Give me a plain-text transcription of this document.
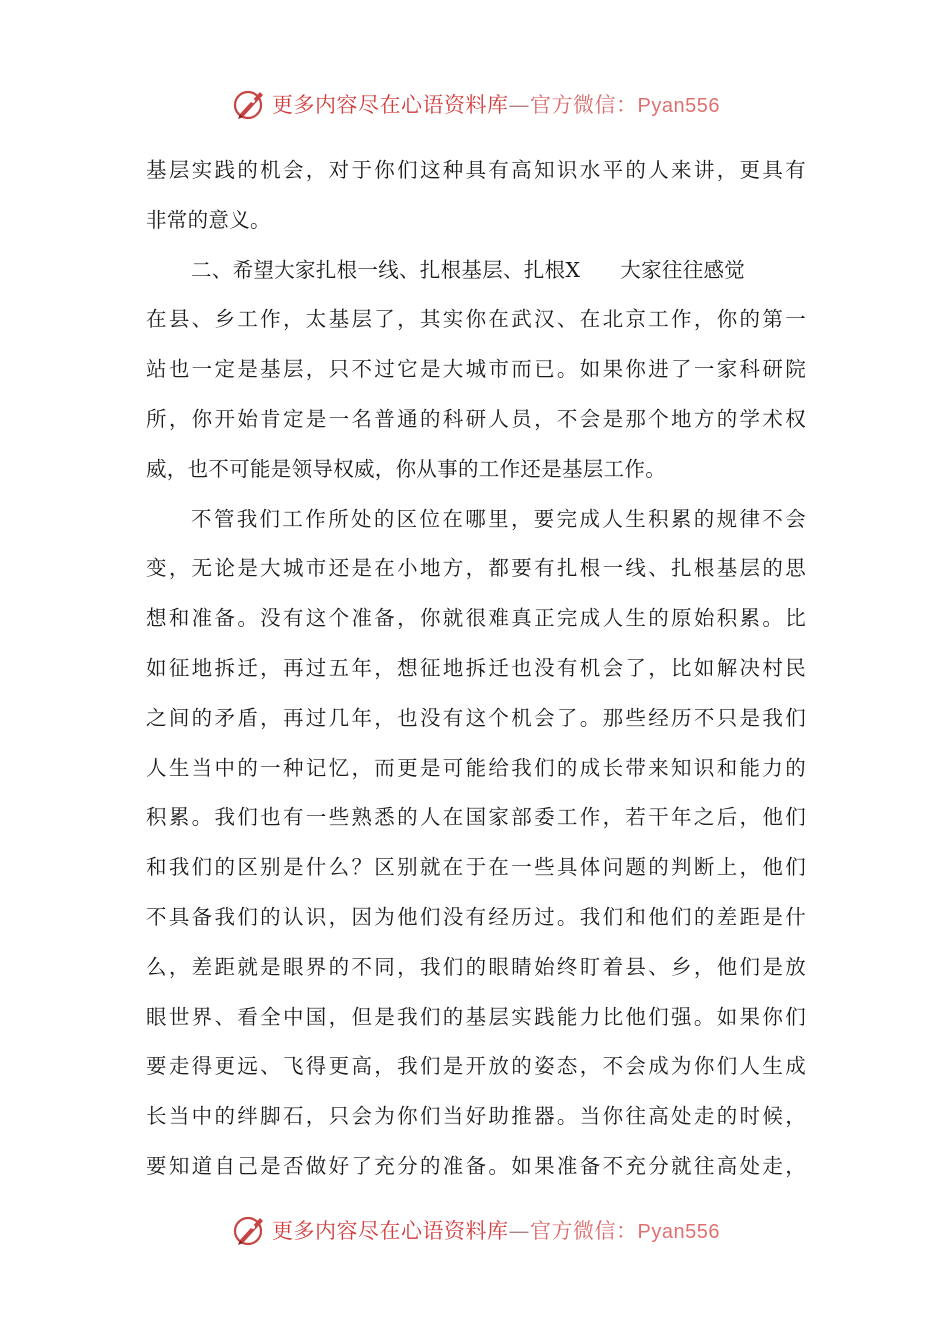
更多内容尽在心语资料库—官方微信：Pyan556
基层实践的机会，对于你们这种具有高知识水平的人来讲，更具有
非常的意义。
二、希望大家扎根一线、扎根基层、扎根X 大家往往感觉
在县、乡工作，太基层了，其实你在武汉、在北京工作，你的第一
站也一定是基层，只不过它是大城市而已。如果你进了一家科研院
所，你开始肯定是一名普通的科研人员，不会是那个地方的学术权
威，也不可能是领导权威，你从事的工作还是基层工作。
不管我们工作所处的区位在哪里，要完成人生积累的规律不会
变，无论是大城市还是在小地方，都要有扎根一线、扎根基层的思
想和准备。没有这个准备，你就很难真正完成人生的原始积累。比
如征地拆迁，再过五年，想征地拆迁也没有机会了，比如解决村民
之间的矛盾，再过几年，也没有这个机会了。那些经历不只是我们
人生当中的一种记忆，而更是可能给我们的成长带来知识和能力的
积累。我们也有一些熟悉的人在国家部委工作，若干年之后，他们
和我们的区别是什么？区别就在于在一些具体问题的判断上，他们
不具备我们的认识，因为他们没有经历过。我们和他们的差距是什
么，差距就是眼界的不同，我们的眼睛始终盯着县、乡，他们是放
眼世界、看全中国，但是我们的基层实践能力比他们强。如果你们
要走得更远、飞得更高，我们是开放的姿态，不会成为你们人生成
长当中的绊脚石，只会为你们当好助推器。当你往高处走的时候，
要知道自己是否做好了充分的准备。如果准备不充分就往高处走，
更多内容尽在心语资料库—官方微信：Pyan556
